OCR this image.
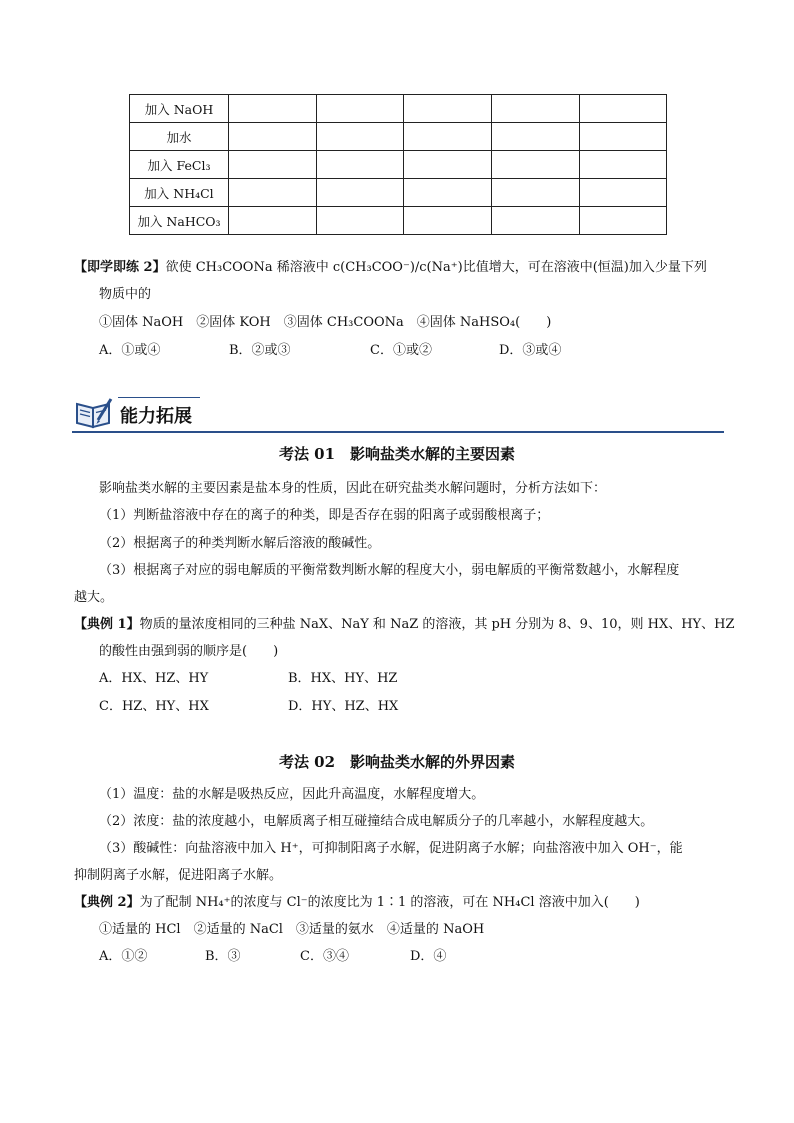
加入 NaOH					
加水					
加入 FeCl₃					
加入 NH₄Cl					
加入 NaHCO₃					
【即学即练 2】欲使 CH₃COONa 稀溶液中 c(CH₃COO⁻)/c(Na⁺)比值增大，可在溶液中(恒温)加入少量下列
物质中的
①固体 NaOH　②固体 KOH　③固体 CH₃COONa　④固体 NaHSO₄(　　)
A．①或④	B．②或③	C．①或②	D．③或④
能力拓展
考法 01　影响盐类水解的主要因素
影响盐类水解的主要因素是盐本身的性质，因此在研究盐类水解问题时，分析方法如下：
（1）判断盐溶液中存在的离子的种类，即是否存在弱的阳离子或弱酸根离子；
（2）根据离子的种类判断水解后溶液的酸碱性。
（3）根据离子对应的弱电解质的平衡常数判断水解的程度大小，弱电解质的平衡常数越小，水解程度
越大。
【典例 1】物质的量浓度相同的三种盐 NaX、NaY 和 NaZ 的溶液，其 pH 分别为 8、9、10，则 HX、HY、HZ
的酸性由强到弱的顺序是(　　)
A．HX、HZ、HY	B．HX、HY、HZ
C．HZ、HY、HX	D．HY、HZ、HX
考法 02　影响盐类水解的外界因素
（1）温度：盐的水解是吸热反应，因此升高温度，水解程度增大。
（2）浓度：盐的浓度越小，电解质离子相互碰撞结合成电解质分子的几率越小，水解程度越大。
（3）酸碱性：向盐溶液中加入 H⁺，可抑制阳离子水解，促进阴离子水解；向盐溶液中加入 OH⁻，能
抑制阴离子水解，促进阳离子水解。
【典例 2】为了配制 NH₄⁺的浓度与 Cl⁻的浓度比为 1∶1 的溶液，可在 NH₄Cl 溶液中加入(　　)
①适量的 HCl　②适量的 NaCl　③适量的氨水　④适量的 NaOH
A．①②	B．③	C．③④	D．④
